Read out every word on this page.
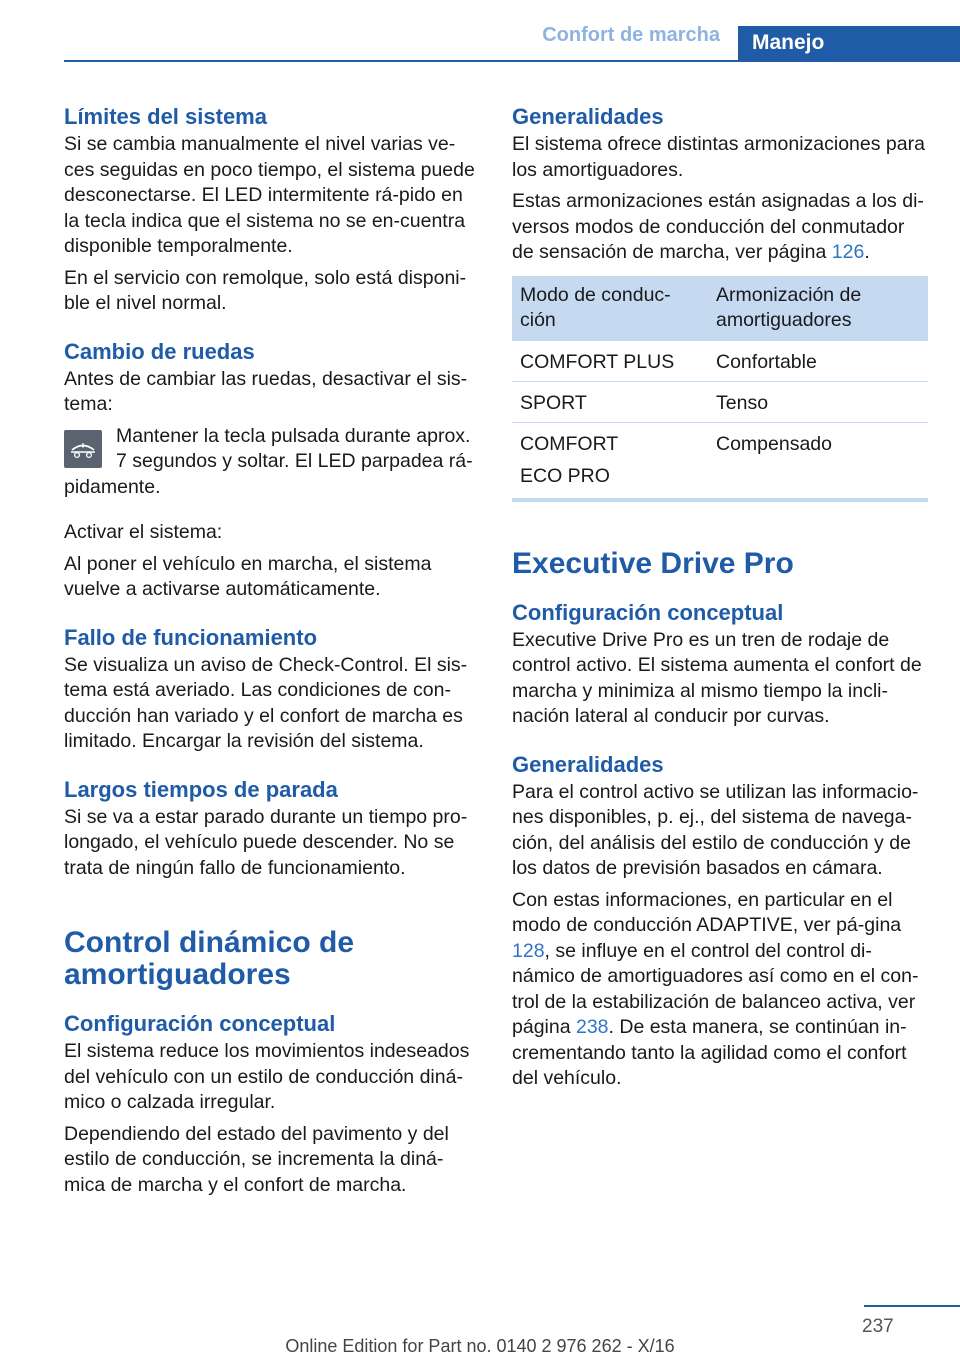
Confort de marcha	Manejo
Límites del sistema

Si se cambia manualmente el nivel varias ve-ces seguidas en poco tiempo, el sistema puede desconectarse. El LED intermitente rá-pido en la tecla indica que el sistema no se en-cuentra disponible temporalmente.

En el servicio con remolque, solo está disponi-ble el nivel normal.

Cambio de ruedas

Antes de cambiar las ruedas, desactivar el sis-tema:

Mantener la tecla pulsada durante aprox. 7 segundos y soltar. El LED parpadea rá-

pidamente.

Activar el sistema:

Al poner el vehículo en marcha, el sistema vuelve a activarse automáticamente.

Fallo de funcionamiento

Se visualiza un aviso de Check-Control. El sis-tema está averiado. Las condiciones de con-ducción han variado y el confort de marcha es limitado. Encargar la revisión del sistema.

Largos tiempos de parada

Si se va a estar parado durante un tiempo pro-longado, el vehículo puede descender. No se trata de ningún fallo de funcionamiento.

Control dinámico de amortiguadores
Configuración conceptual

El sistema reduce los movimientos indeseados del vehículo con un estilo de conducción diná-mico o calzada irregular.

Dependiendo del estado del pavimento y del estilo de conducción, se incrementa la diná-mica de marcha y el confort de marcha.

Generalidades

El sistema ofrece distintas armonizaciones para los amortiguadores.

Estas armonizaciones están asignadas a los di-versos modos de conducción del conmutador de sensación de marcha, ver página 126.

Modo de conduc-ción	Armonización de amortiguadores
COMFORT PLUS	Confortable
SPORT	Tenso
COMFORT
ECO PRO	Compensado
Executive Drive Pro
Configuración conceptual

Executive Drive Pro es un tren de rodaje de control activo. El sistema aumenta el confort de marcha y minimiza al mismo tiempo la incli-nación lateral al conducir por curvas.

Generalidades

Para el control activo se utilizan las informacio-nes disponibles, p. ej., del sistema de navega-ción, del análisis del estilo de conducción y de los datos de previsión basados en cámara.

Con estas informaciones, en particular en el modo de conducción ADAPTIVE, ver pá-gina 128, se influye en el control del control di-námico de amortiguadores así como en el con-trol de la estabilización de balanceo activa, ver página 238. De esta manera, se continúan in-crementando tanto la agilidad como el confort del vehículo.

237
Online Edition for Part no. 0140 2 976 262 - X/16
